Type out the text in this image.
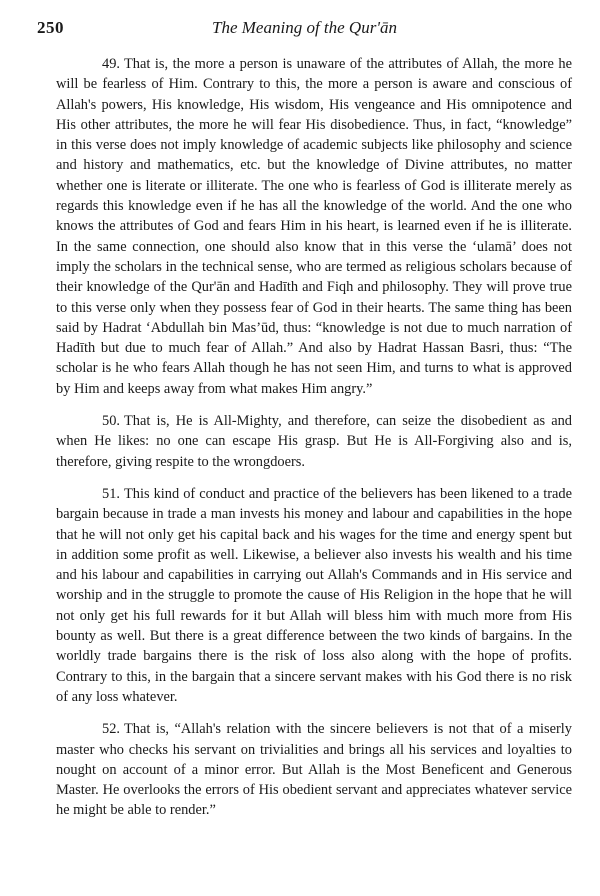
250	The Meaning of the Qur'ān

49. That is, the more a person is unaware of the attributes of Allah, the more he will be fearless of Him. Contrary to this, the more a person is aware and conscious of Allah's powers, His knowledge, His wisdom, His vengeance and His omnipotence and His other attributes, the more he will fear His disobedience. Thus, in fact, “knowledge” in this verse does not imply knowledge of academic subjects like philosophy and science and history and mathematics, etc. but the knowledge of Divine attributes, no matter whether one is literate or illiterate. The one who is fearless of God is illiterate merely as regards this knowledge even if he has all the knowledge of the world. And the one who knows the attributes of God and fears Him in his heart, is learned even if he is illiterate. In the same connection, one should also know that in this verse the ‘ulamā’ does not imply the scholars in the technical sense, who are termed as religious scholars because of their knowledge of the Qur'ān and Hadīth and Fiqh and philosophy. They will prove true to this verse only when they possess fear of God in their hearts. The same thing has been said by Hadrat ‘Abdullah bin Mas’ūd, thus: “knowledge is not due to much narration of Hadīth but due to much fear of Allah.” And also by Hadrat Hassan Basri, thus: “The scholar is he who fears Allah though he has not seen Him, and turns to what is approved by Him and keeps away from what makes Him angry.”

50. That is, He is All-Mighty, and therefore, can seize the disobedient as and when He likes: no one can escape His grasp. But He is All-Forgiving also and is, therefore, giving respite to the wrongdoers.

51. This kind of conduct and practice of the believers has been likened to a trade bargain because in trade a man invests his money and labour and capabilities in the hope that he will not only get his capital back and his wages for the time and energy spent but in addition some profit as well. Likewise, a believer also invests his wealth and his time and his labour and capabilities in carrying out Allah's Commands and in His service and worship and in the struggle to promote the cause of His Religion in the hope that he will not only get his full rewards for it but Allah will bless him with much more from His bounty as well. But there is a great difference between the two kinds of bargains. In the worldly trade bargains there is the risk of loss also along with the hope of profits. Contrary to this, in the bargain that a sincere servant makes with his God there is no risk of any loss whatever.

52. That is, “Allah's relation with the sincere believers is not that of a miserly master who checks his servant on trivialities and brings all his services and loyalties to nought on account of a minor error. But Allah is the Most Beneficent and Generous Master. He overlooks the errors of His obedient servant and appreciates whatever service he might be able to render.”
